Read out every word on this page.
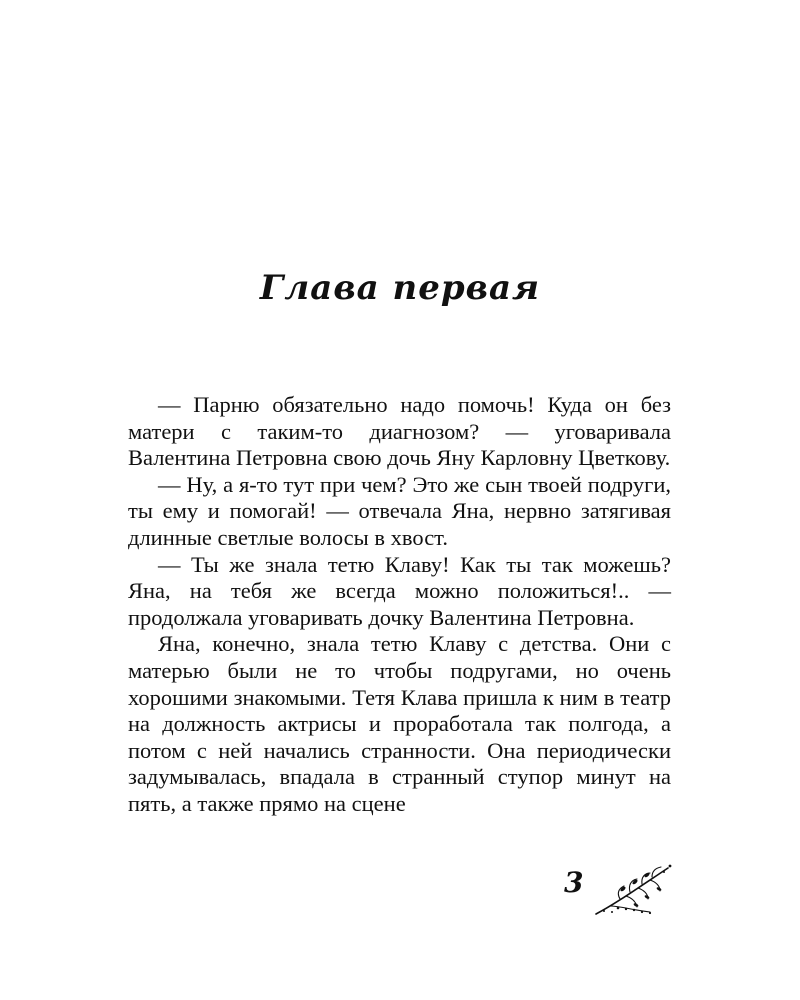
Глава первая

— Парню обязательно надо помочь! Куда он без матери с таким-то диагнозом? — уговаривала Валентина Петровна свою дочь Яну Карловну Цветкову.

— Ну, а я-то тут при чем? Это же сын твоей подруги, ты ему и помогай! — отвечала Яна, нервно затягивая длинные светлые волосы в хвост.

— Ты же знала тетю Клаву! Как ты так можешь? Яна, на тебя же всегда можно положиться!.. — продолжала уговаривать дочку Валентина Петровна.

Яна, конечно, знала тетю Клаву с детства. Они с матерью были не то чтобы подругами, но очень хорошими знакомыми. Тетя Клава пришла к ним в театр на должность актрисы и проработала так полгода, а потом с ней начались странности. Она периодически задумывалась, впадала в странный ступор минут на пять, а также прямо на сцене

3
